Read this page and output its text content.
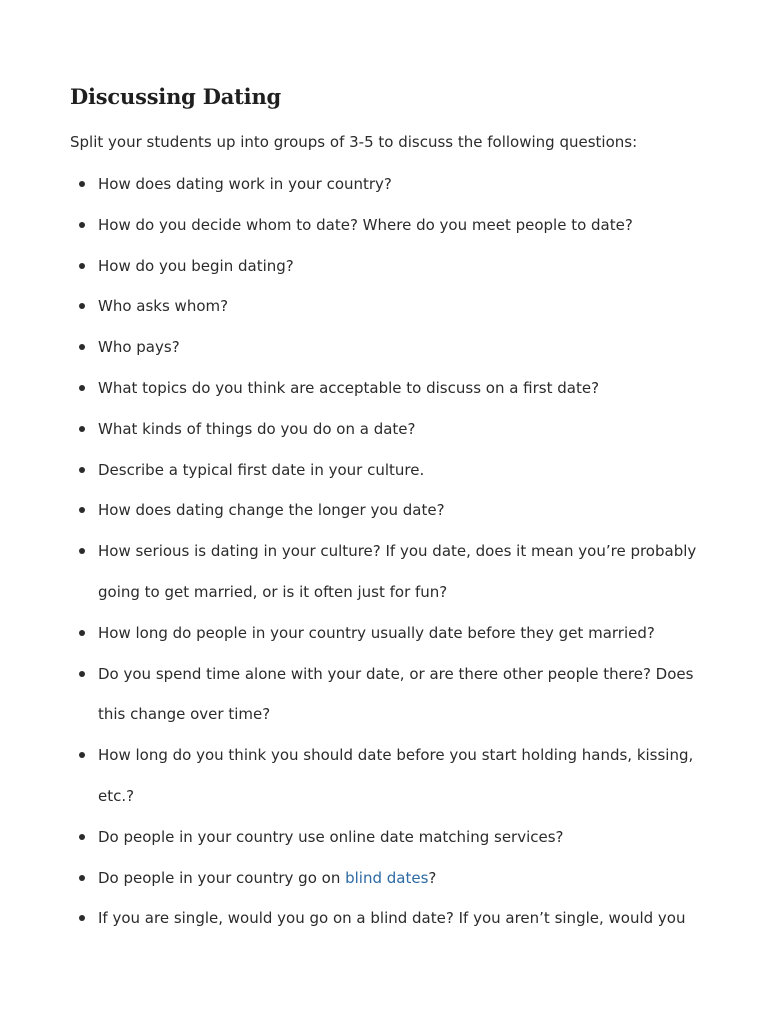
Discussing Dating

Split your students up into groups of 3-5 to discuss the following questions:

How does dating work in your country?
How do you decide whom to date? Where do you meet people to date?
How do you begin dating?
Who asks whom?
Who pays?
What topics do you think are acceptable to discuss on a first date?
What kinds of things do you do on a date?
Describe a typical first date in your culture.
How does dating change the longer you date?
How serious is dating in your culture? If you date, does it mean you’re probably going to get married, or is it often just for fun?
How long do people in your country usually date before they get married?
Do you spend time alone with your date, or are there other people there? Does this change over time?
How long do you think you should date before you start holding hands, kissing, etc.?
Do people in your country use online date matching services?
Do people in your country go on blind dates?
If you are single, would you go on a blind date? If you aren’t single, would you
